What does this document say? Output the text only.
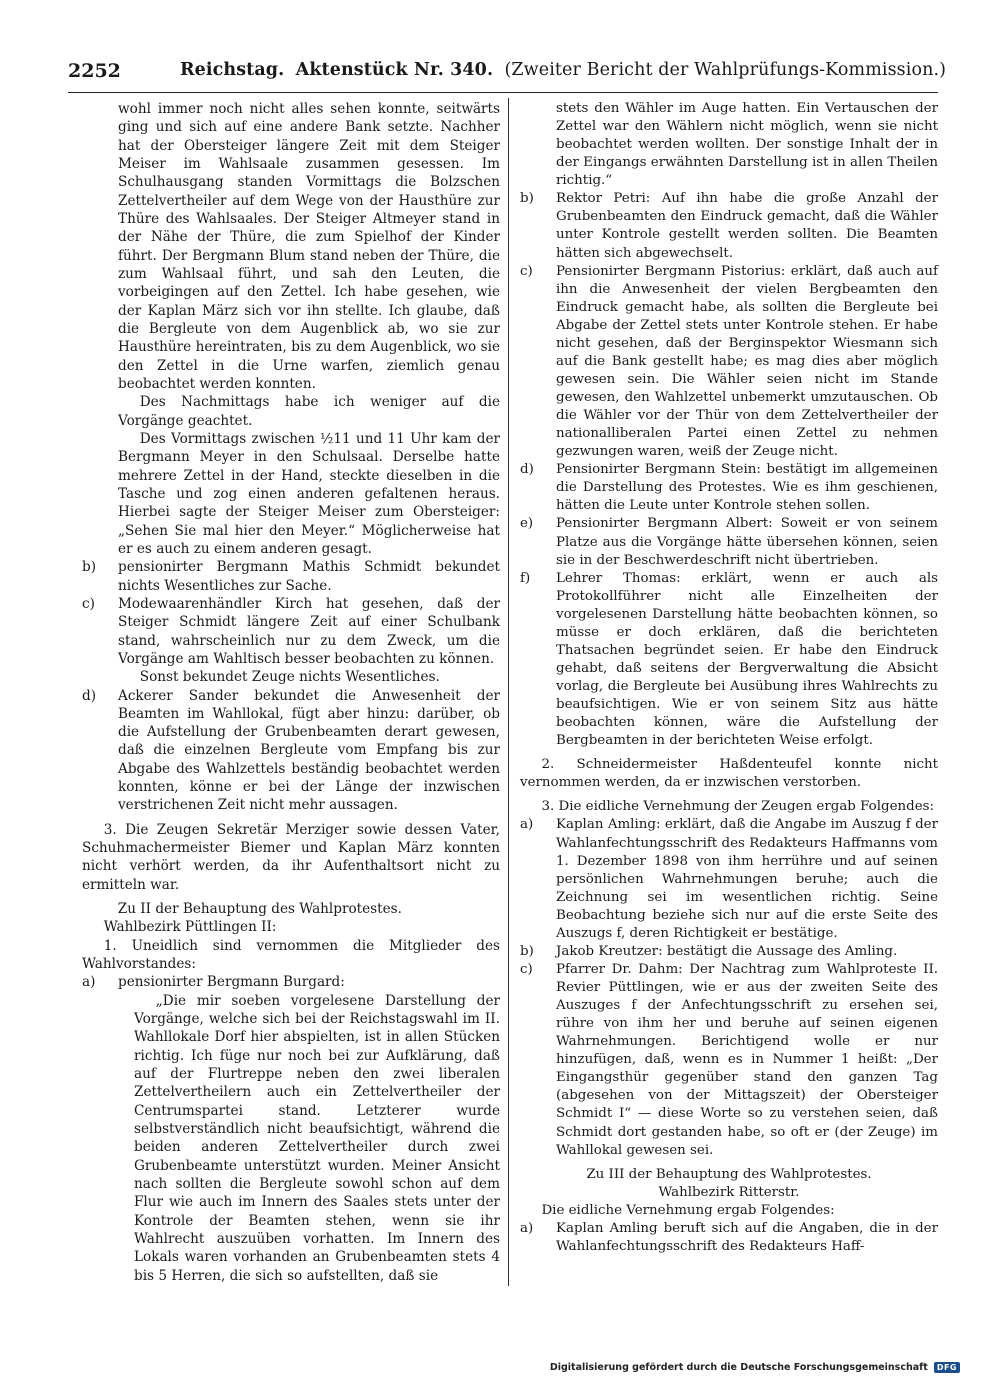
2252	Reichstag. Aktenstück Nr. 340. (Zweiter Bericht der Wahlprüfungs-Kommission.)

wohl immer noch nicht alles sehen konnte, seitwärts ging und sich auf eine andere Bank setzte. Nachher hat der Obersteiger längere Zeit mit dem Steiger Meiser im Wahlsaale zusammen gesessen. Im Schulhausgang standen Vormittags die Bolzschen Zettelvertheiler auf dem Wege von der Hausthüre zur Thüre des Wahlsaales. Der Steiger Altmeyer stand in der Nähe der Thüre, die zum Spielhof der Kinder führt. Der Bergmann Blum stand neben der Thüre, die zum Wahlsaal führt, und sah den Leuten, die vorbeigingen auf den Zettel. Ich habe gesehen, wie der Kaplan März sich vor ihn stellte. Ich glaube, daß die Bergleute von dem Augenblick ab, wo sie zur Hausthüre hereintraten, bis zu dem Augenblick, wo sie den Zettel in die Urne warfen, ziemlich genau beobachtet werden konnten.

Des Nachmittags habe ich weniger auf die Vorgänge geachtet.

Des Vormittags zwischen ½11 und 11 Uhr kam der Bergmann Meyer in den Schulsaal. Derselbe hatte mehrere Zettel in der Hand, steckte dieselben in die Tasche und zog einen anderen gefaltenen heraus. Hierbei sagte der Steiger Meiser zum Obersteiger: „Sehen Sie mal hier den Meyer.“ Möglicherweise hat er es auch zu einem anderen gesagt.

b) pensionirter Bergmann Mathis Schmidt bekundet nichts Wesentliches zur Sache.

c) Modewaarenhändler Kirch hat gesehen, daß der Steiger Schmidt längere Zeit auf einer Schulbank stand, wahrscheinlich nur zu dem Zweck, um die Vorgänge am Wahltisch besser beobachten zu können.

Sonst bekundet Zeuge nichts Wesentliches.

d) Ackerer Sander bekundet die Anwesenheit der Beamten im Wahllokal, fügt aber hinzu: darüber, ob die Aufstellung der Grubenbeamten derart gewesen, daß die einzelnen Bergleute vom Empfang bis zur Abgabe des Wahlzettels beständig beobachtet werden konnten, könne er bei der Länge der inzwischen verstrichenen Zeit nicht mehr aussagen.

3. Die Zeugen Sekretär Merziger sowie dessen Vater, Schuhmachermeister Biemer und Kaplan März konnten nicht verhört werden, da ihr Aufenthaltsort nicht zu ermitteln war.

Zu II der Behauptung des Wahlprotestes.

Wahlbezirk Püttlingen II:

1. Uneidlich sind vernommen die Mitglieder des Wahlvorstandes:

a) pensionirter Bergmann Burgard:

„Die mir soeben vorgelesene Darstellung der Vorgänge, welche sich bei der Reichstagswahl im II. Wahllokale Dorf hier abspielten, ist in allen Stücken richtig. Ich füge nur noch bei zur Aufklärung, daß auf der Flurtreppe neben den zwei liberalen Zettelvertheilern auch ein Zettelvertheiler der Centrumspartei stand. Letzterer wurde selbstverständlich nicht beaufsichtigt, während die beiden anderen Zettelvertheiler durch zwei Grubenbeamte unterstützt wurden. Meiner Ansicht nach sollten die Bergleute sowohl schon auf dem Flur wie auch im Innern des Saales stets unter der Kontrole der Beamten stehen, wenn sie ihr Wahlrecht auszuüben vorhatten. Im Innern des Lokals waren vorhanden an Grubenbeamten stets 4 bis 5 Herren, die sich so aufstellten, daß sie

stets den Wähler im Auge hatten. Ein Vertauschen der Zettel war den Wählern nicht möglich, wenn sie nicht beobachtet werden wollten. Der sonstige Inhalt der in der Eingangs erwähnten Darstellung ist in allen Theilen richtig.“

b) Rektor Petri: Auf ihn habe die große Anzahl der Grubenbeamten den Eindruck gemacht, daß die Wähler unter Kontrole gestellt werden sollten. Die Beamten hätten sich abgewechselt.

c) Pensionirter Bergmann Pistorius: erklärt, daß auch auf ihn die Anwesenheit der vielen Bergbeamten den Eindruck gemacht habe, als sollten die Bergleute bei Abgabe der Zettel stets unter Kontrole stehen. Er habe nicht gesehen, daß der Berginspektor Wiesmann sich auf die Bank gestellt habe; es mag dies aber möglich gewesen sein. Die Wähler seien nicht im Stande gewesen, den Wahlzettel unbemerkt umzutauschen. Ob die Wähler vor der Thür von dem Zettelvertheiler der nationalliberalen Partei einen Zettel zu nehmen gezwungen waren, weiß der Zeuge nicht.

d) Pensionirter Bergmann Stein: bestätigt im allgemeinen die Darstellung des Protestes. Wie es ihm geschienen, hätten die Leute unter Kontrole stehen sollen.

e) Pensionirter Bergmann Albert: Soweit er von seinem Platze aus die Vorgänge hätte übersehen können, seien sie in der Beschwerdeschrift nicht übertrieben.

f) Lehrer Thomas: erklärt, wenn er auch als Protokollführer nicht alle Einzelheiten der vorgelesenen Darstellung hätte beobachten können, so müsse er doch erklären, daß die berichteten Thatsachen begründet seien. Er habe den Eindruck gehabt, daß seitens der Bergverwaltung die Absicht vorlag, die Bergleute bei Ausübung ihres Wahlrechts zu beaufsichtigen. Wie er von seinem Sitz aus hätte beobachten können, wäre die Aufstellung der Bergbeamten in der berichteten Weise erfolgt.

2. Schneidermeister Haßdenteufel konnte nicht vernommen werden, da er inzwischen verstorben.

3. Die eidliche Vernehmung der Zeugen ergab Folgendes:

a) Kaplan Amling: erklärt, daß die Angabe im Auszug f der Wahlanfechtungsschrift des Redakteurs Haffmanns vom 1. Dezember 1898 von ihm herrühre und auf seinen persönlichen Wahrnehmungen beruhe; auch die Zeichnung sei im wesentlichen richtig. Seine Beobachtung beziehe sich nur auf die erste Seite des Auszugs f, deren Richtigkeit er bestätige.

b) Jakob Kreutzer: bestätigt die Aussage des Amling.

c) Pfarrer Dr. Dahm: Der Nachtrag zum Wahlproteste II. Revier Püttlingen, wie er aus der zweiten Seite des Auszuges f der Anfechtungsschrift zu ersehen sei, rühre von ihm her und beruhe auf seinen eigenen Wahrnehmungen. Berichtigend wolle er nur hinzufügen, daß, wenn es in Nummer 1 heißt: „Der Eingangsthür gegenüber stand den ganzen Tag (abgesehen von der Mittagszeit) der Obersteiger Schmidt I“ — diese Worte so zu verstehen seien, daß Schmidt dort gestanden habe, so oft er (der Zeuge) im Wahllokal gewesen sei.

Zu III der Behauptung des Wahlprotestes.

Wahlbezirk Ritterstr.

Die eidliche Vernehmung ergab Folgendes:

a) Kaplan Amling beruft sich auf die Angaben, die in der Wahlanfechtungsschrift des Redakteurs Haff-

Digitalisierung gefördert durch die Deutsche Forschungsgemeinschaft	DFG
